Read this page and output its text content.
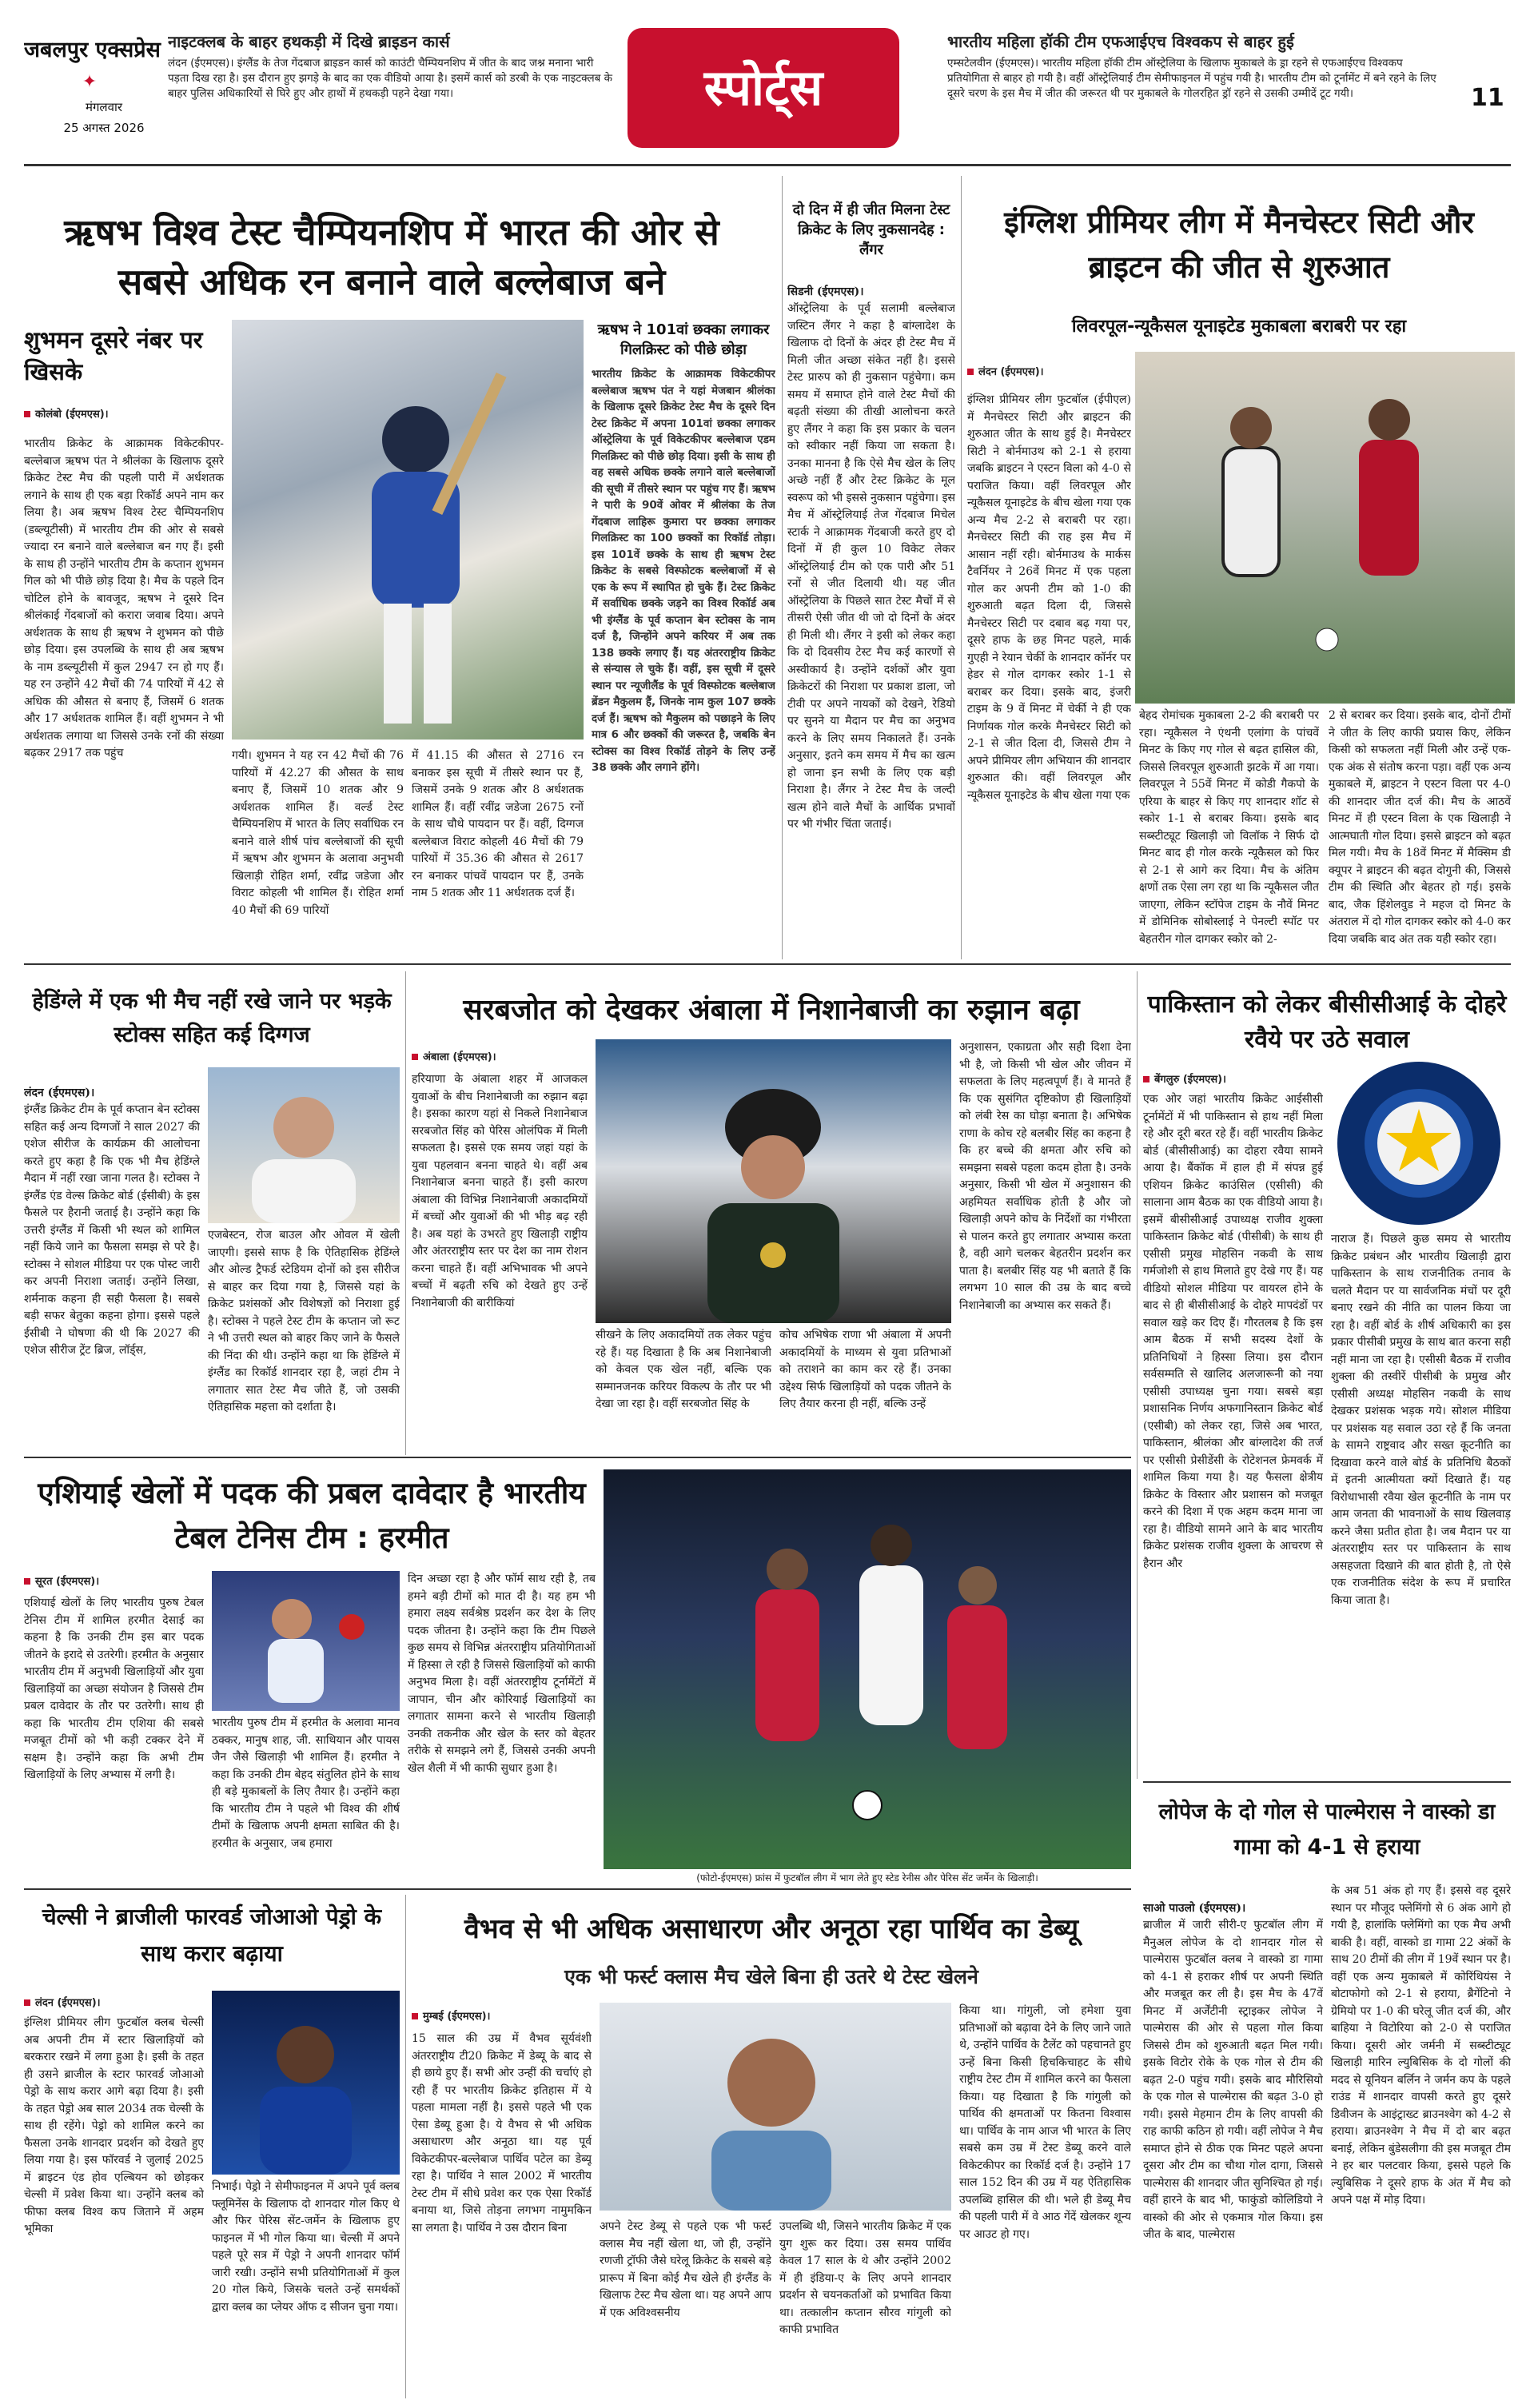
जबलपुर एक्सप्रेस
✦
मंगलवार
25 अगस्त 2026
नाइटक्लब के बाहर हथकड़ी में दिखे ब्राइडन कार्स
लंदन (ईएमएस)। इंग्लैंड के तेज गेंदबाज ब्राइडन कार्स को काउंटी चैम्पियनशिप में जीत के बाद जश्न मनाना भारी पड़ता दिख रहा है। इस दौरान हुए झगड़े के बाद का एक वीडियो आया है। इसमें कार्स को डरबी के एक नाइटक्लब के बाहर पुलिस अधिकारियों से घिरे हुए और हाथों में हथकड़ी पहने देखा गया।	स्पोर्ट्स
भारतीय महिला हॉकी टीम एफआईएच विश्वकप से बाहर हुई
एम्सटेलवीन (ईएमएस)। भारतीय महिला हॉकी टीम ऑस्ट्रेलिया के खिलाफ मुकाबले के ड्रा रहने से एफआईएच विश्वकप प्रतियोगिता से बाहर हो गयी है। वहीं ऑस्ट्रेलियाई टीम सेमीफाइनल में पहुंच गयी है। भारतीय टीम को टूर्नामेंट में बने रहने के लिए दूसरे चरण के इस मैच में जीत की जरूरत थी पर मुकाबले के गोलरहित ड्रॉ रहने से उसकी उम्मीदें टूट गयी।	11
ऋषभ विश्व टेस्ट चैम्पियनशिप में भारत की ओर से सबसे अधिक रन बनाने वाले बल्लेबाज बने
शुभमन दूसरे नंबर पर खिसके
कोलंबो (ईएमएस)।
भारतीय क्रिकेट के आक्रामक विकेटकीपर-बल्लेबाज ऋषभ पंत ने श्रीलंका के खिलाफ दूसरे क्रिकेट टेस्ट मैच की पहली पारी में अर्धशतक लगाने के साथ ही एक बड़ा रिकॉर्ड अपने नाम कर लिया है। अब ऋषभ विश्व टेस्ट चैम्पियनशिप (डब्ल्यूटीसी) में भारतीय टीम की ओर से सबसे ज्यादा रन बनाने वाले बल्लेबाज बन गए हैं। इसी के साथ ही उन्होंने भारतीय टीम के कप्तान शुभमन गिल को भी पीछे छोड़ दिया है। मैच के पहले दिन चोटिल होने के बावजूद, ऋषभ ने दूसरे दिन श्रीलंकाई गेंदबाजों को करारा जवाब दिया। अपने अर्धशतक के साथ ही ऋषभ ने शुभमन को पीछे छोड़ दिया। इस उपलब्धि के साथ ही अब ऋषभ के नाम डब्ल्यूटीसी में कुल 2947 रन हो गए हैं। यह रन उन्होंने 42 मैचों की 74 पारियों में 42 से अधिक की औसत से बनाए हैं, जिसमें 6 शतक और 17 अर्धशतक शामिल हैं। वहीं शुभमन ने भी अर्धशतक लगाया था जिससे उनके रनों की संख्या बढ़कर 2917 तक पहुंच	गयी। शुभमन ने यह रन 42 मैचों की 76 पारियों में 42.27 की औसत के साथ बनाए हैं, जिसमें 10 शतक और 9 अर्धशतक शामिल हैं। वर्ल्ड टेस्ट चैम्पियनशिप में भारत के लिए सर्वाधिक रन बनाने वाले शीर्ष पांच बल्लेबाजों की सूची में ऋषभ और शुभमन के अलावा अनुभवी खिलाड़ी रोहित शर्मा, रवींद्र जडेजा और विराट कोहली भी शामिल हैं। रोहित शर्मा 40 मैचों की 69 पारियों
में 41.15 की औसत से 2716 रन बनाकर इस सूची में तीसरे स्थान पर हैं, जिसमें उनके 9 शतक और 8 अर्धशतक शामिल हैं। वहीं रवींद्र जडेजा 2675 रनों के साथ चौथे पायदान पर हैं। वहीं, दिग्गज बल्लेबाज विराट कोहली 46 मैचों की 79 पारियों में 35.36 की औसत से 2617 रन बनाकर पांचवें पायदान पर हैं, उनके नाम 5 शतक और 11 अर्धशतक दर्ज हैं।
ऋषभ ने 101वां छक्का लगाकर गिलक्रिस्ट को पीछे छोड़ा
भारतीय क्रिकेट के आक्रामक विकेटकीपर बल्लेबाज ऋषभ पंत ने यहां मेजबान श्रीलंका के खिलाफ दूसरे क्रिकेट टेस्ट मैच के दूसरे दिन टेस्ट क्रिकेट में अपना 101वां छक्का लगाकर ऑस्ट्रेलिया के पूर्व विकेटकीपर बल्लेबाज एडम गिलक्रिस्ट को पीछे छोड़ दिया। इसी के साथ ही वह सबसे अधिक छक्के लगाने वाले बल्लेबाजों की सूची में तीसरे स्थान पर पहुंच गए हैं। ऋषभ ने पारी के 90वें ओवर में श्रीलंका के तेज गेंदबाज लाहिरू कुमारा पर छक्का लगाकर गिलक्रिस्ट का 100 छक्कों का रिकॉर्ड तोड़ा। इस 101वें छक्के के साथ ही ऋषभ टेस्ट क्रिकेट के सबसे विस्फोटक बल्लेबाजों में से एक के रूप में स्थापित हो चुके हैं। टेस्ट क्रिकेट में सर्वाधिक छक्के जड़ने का विश्व रिकॉर्ड अब भी इंग्लैंड के पूर्व कप्तान बेन स्टोक्स के नाम दर्ज है, जिन्होंने अपने करियर में अब तक 138 छक्के लगाए हैं। यह अंतरराष्ट्रीय क्रिकेट से संन्यास ले चुके हैं। वहीं, इस सूची में दूसरे स्थान पर न्यूजीलैंड के पूर्व विस्फोटक बल्लेबाज ब्रेंडन मैकुलम हैं, जिनके नाम कुल 107 छक्के दर्ज हैं। ऋषभ को मैकुलम को पछाड़ने के लिए मात्र 6 और छक्कों की जरूरत है, जबकि बेन स्टोक्स का विश्व रिकॉर्ड तोड़ने के लिए उन्हें 38 छक्के और लगाने होंगे।
दो दिन में ही जीत मिलना टेस्ट क्रिकेट के लिए नुकसानदेह : लैंगर

सिडनी (ईएमएस)।
ऑस्ट्रेलिया के पूर्व सलामी बल्लेबाज जस्टिन लैंगर ने कहा है बांग्लादेश के खिलाफ दो दिनों के अंदर ही टेस्ट मैच में मिली जीत अच्छा संकेत नहीं है। इससे टेस्ट प्रारुप को ही नुकसान पहुंचेगा। कम समय में समाप्त होने वाले टेस्ट मैचों की बढ़ती संख्या की तीखी आलोचना करते हुए लैंगर ने कहा कि इस प्रकार के चलन को स्वीकार नहीं किया जा सकता है। उनका मानना है कि ऐसे मैच खेल के लिए अच्छे नहीं हैं और टेस्ट क्रिकेट के मूल स्वरूप को भी इससे नुकसान पहुंचेगा। इस मैच में ऑस्ट्रेलियाई तेज गेंदबाज मिचेल स्टार्क ने आक्रामक गेंदबाजी करते हुए दो दिनों में ही कुल 10 विकेट लेकर ऑस्ट्रेलियाई टीम को एक पारी और 51 रनों से जीत दिलायी थी। यह जीत ऑस्ट्रेलिया के पिछले सात टेस्ट मैचों में से तीसरी ऐसी जीत थी जो दो दिनों के अंदर ही मिली थी। लैंगर ने इसी को लेकर कहा कि दो दिवसीय टेस्ट मैच कई कारणों से अस्वीकार्य है। उन्होंने दर्शकों और युवा क्रिकेटरों की निराशा पर प्रकाश डाला, जो टीवी पर अपने नायकों को देखने, रेडियो पर सुनने या मैदान पर मैच का अनुभव करने के लिए समय निकालते हैं। उनके अनुसार, इतने कम समय में मैच का खत्म हो जाना इन सभी के लिए एक बड़ी निराशा है। लैंगर ने टेस्ट मैच के जल्दी खत्म होने वाले मैचों के आर्थिक प्रभावों पर भी गंभीर चिंता जताई।

इंग्लिश प्रीमियर लीग में मैनचेस्टर सिटी और ब्राइटन की जीत से शुरुआत
लिवरपूल-न्यूकैसल यूनाइटेड मुकाबला बराबरी पर रहा
लंदन (ईएमएस)।
इंग्लिश प्रीमियर लीग फुटबॉल (ईपीएल) में मैनचेस्टर सिटी और ब्राइटन की शुरुआत जीत के साथ हुई है। मैनचेस्टर सिटी ने बोर्नमाउथ को 2-1 से हराया जबकि ब्राइटन ने एस्टन विला को 4-0 से पराजित किया। वहीं लिवरपूल और न्यूकैसल यूनाइटेड के बीच खेला गया एक अन्य मैच 2-2 से बराबरी पर रहा। मैनचेस्टर सिटी की राह इस मैच में आसान नहीं रही। बोर्नमाउथ के मार्कस टैवर्नियर ने 26वें मिनट में एक पहला गोल कर अपनी टीम को 1-0 की शुरुआती बढ़त दिला दी, जिससे मैनचेस्टर सिटी पर दबाव बढ़ गया पर, दूसरे हाफ के छह मिनट पहले, मार्क गुएही ने रेयान चेर्की के शानदार कॉर्नर पर हेडर से गोल दागकर स्कोर 1-1 से बराबर कर दिया। इसके बाद, इंजरी टाइम के 9 वें मिनट में चेर्की ने ही एक निर्णायक गोल करके मैनचेस्टर सिटी को 2-1 से जीत दिला दी, जिससे टीम ने अपने प्रीमियर लीग अभियान की शानदार शुरुआत की। वहीं लिवरपूल और न्यूकैसल यूनाइटेड के बीच खेला गया एक
बेहद रोमांचक मुकाबला 2-2 की बराबरी पर रहा। न्यूकैसल ने एंथनी एलांगा के पांचवें मिनट के किए गए गोल से बढ़त हासिल की, जिससे लिवरपूल शुरुआती झटके में आ गया। लिवरपूल ने 55वें मिनट में कोडी गैकपो के एरिया के बाहर से किए गए शानदार शॉट से स्कोर 1-1 से बराबर किया। इसके बाद सब्स्टीट्यूट खिलाड़ी जो विलॉक ने सिर्फ दो मिनट बाद ही गोल करके न्यूकैसल को फिर से 2-1 से आगे कर दिया। मैच के अंतिम क्षणों तक ऐसा लग रहा था कि न्यूकैसल जीत जाएगा, लेकिन स्टॉपेज टाइम के नौवें मिनट में डोमिनिक सोबोस्लाई ने पेनल्टी स्पॉट पर बेहतरीन गोल दागकर स्कोर को 2-
2 से बराबर कर दिया। इसके बाद, दोनों टीमों ने जीत के लिए काफी प्रयास किए, लेकिन किसी को सफलता नहीं मिली और उन्हें एक-एक अंक से संतोष करना पड़ा। वहीं एक अन्य मुकाबले में, ब्राइटन ने एस्टन विला पर 4-0 की शानदार जीत दर्ज की। मैच के आठवें मिनट में ही एस्टन विला के एक खिलाड़ी ने आत्मघाती गोल दिया। इससे ब्राइटन को बढ़त मिल गयी। मैच के 18वें मिनट में मैक्सिम डी क्यूपर ने ब्राइटन की बढ़त दोगुनी की, जिससे टीम की स्थिति और बेहतर हो गई। इसके बाद, जैक हिंशेलवुड ने महज दो मिनट के अंतराल में दो गोल दागकर स्कोर को 4-0 कर दिया जबकि बाद अंत तक यही स्कोर रहा।
हेडिंग्ले में एक भी मैच नहीं रखे जाने पर भड़के स्टोक्स सहित कई दिग्गज

लंदन (ईएमएस)।
इंग्लैंड क्रिकेट टीम के पूर्व कप्तान बेन स्टोक्स सहित कई अन्य दिग्गजों ने साल 2027 की एशेज सीरीज के कार्यक्रम की आलोचना करते हुए कहा है कि एक भी मैच हेडिंग्ले मैदान में नहीं रखा जाना गलत है। स्टोक्स ने इंग्लैंड एंड वेल्स क्रिकेट बोर्ड (ईसीबी) के इस फैसले पर हैरानी जताई है। उन्होंने कहा कि उत्तरी इंग्लैंड में किसी भी स्थल को शामिल नहीं किये जाने का फैसला समझ से परे है। स्टोक्स ने सोशल मीडिया पर एक पोस्ट जारी कर अपनी निराशा जताई। उन्होंने लिखा, शर्मनाक कहना ही सही फैसला है। सबसे बड़ी सफर बेतुका कहना होगा। इससे पहले ईसीबी ने घोषणा की थी कि 2027 की एशेज सीरीज ट्रेंट ब्रिज, लॉर्ड्स,

एजबेस्टन, रोज बाउल और ओवल में खेली जाएगी। इससे साफ है कि ऐतिहासिक हेडिंग्ले और ओल्ड ट्रैफर्ड स्टेडियम दोनों को इस सीरीज से बाहर कर दिया गया है, जिससे यहां के क्रिकेट प्रशंसकों और विशेषज्ञों को निराशा हुई है। स्टोक्स ने पहले टेस्ट टीम के कप्तान जो रूट ने भी उत्तरी स्थल को बाहर किए जाने के फैसले की निंदा की थी। उन्होंने कहा था कि हेडिंग्ले में इंग्लैंड का रिकॉर्ड शानदार रहा है, जहां टीम ने लगातार सात टेस्ट मैच जीते हैं, जो उसकी ऐतिहासिक महत्ता को दर्शाता है।
सरबजोत को देखकर अंबाला में निशानेबाजी का रुझान बढ़ा
अंबाला (ईएमएस)।
हरियाणा के अंबाला शहर में आजकल युवाओं के बीच निशानेबाजी का रुझान बढ़ा है। इसका कारण यहां से निकले निशानेबाज सरबजोत सिंह को पेरिस ओलंपिक में मिली सफलता है। इससे एक समय जहां यहां के युवा पहलवान बनना चाहते थे। वहीं अब निशानेबाज बनना चाहते हैं। इसी कारण अंबाला की विभिन्न निशानेबाजी अकादमियों में बच्चों और युवाओं की भी भीड़ बढ़ रही है। अब यहां के उभरते हुए खिलाड़ी राष्ट्रीय और अंतरराष्ट्रीय स्तर पर देश का नाम रोशन करना चाहते हैं। वहीं अभिभावक भी अपने बच्चों में बढ़ती रुचि को देखते हुए उन्हें निशानेबाजी की बारीकियां
सीखने के लिए अकादमियों तक लेकर पहुंच रहे हैं। यह दिखाता है कि अब निशानेबाजी को केवल एक खेल नहीं, बल्कि एक सम्मानजनक करियर विकल्प के तौर पर भी देखा जा रहा है। वहीं सरबजोत सिंह के
कोच अभिषेक राणा भी अंबाला में अपनी अकादमियों के माध्यम से युवा प्रतिभाओं को तराशने का काम कर रहे हैं। उनका उद्देश्य सिर्फ खिलाड़ियों को पदक जीतने के लिए तैयार करना ही नहीं, बल्कि उन्हें
अनुशासन, एकाग्रता और सही दिशा देना भी है, जो किसी भी खेल और जीवन में सफलता के लिए महत्वपूर्ण हैं। वे मानते हैं कि एक सुसंगित दृष्टिकोण ही खिलाड़ियों को लंबी रेस का घोड़ा बनाता है। अभिषेक राणा के कोच रहे बलबीर सिंह का कहना है कि हर बच्चे की क्षमता और रुचि को समझना सबसे पहला कदम होता है। उनके अनुसार, किसी भी खेल में अनुशासन की अहमियत सर्वाधिक होती है और जो खिलाड़ी अपने कोच के निर्देशों का गंभीरता से पालन करते हुए लगातार अभ्यास करता है, वही आगे चलकर बेहतरीन प्रदर्शन कर पाता है। बलबीर सिंह यह भी बताते हैं कि लगभग 10 साल की उम्र के बाद बच्चे निशानेबाजी का अभ्यास कर सकते हैं।
पाकिस्तान को लेकर बीसीसीआई के दोहरे रवैये पर उठे सवाल
बेंगलुरु (ईएमएस)।
एक ओर जहां भारतीय क्रिकेट आईसीसी टूर्नामेंटों में भी पाकिस्तान से हाथ नहीं मिला रहे और दूरी बरत रहे हैं। वहीं भारतीय क्रिकेट बोर्ड (बीसीसीआई) का दोहरा रवैया सामने आया है। बैंकॉक में हाल ही में संपन्न हुई एशियन क्रिकेट काउंसिल (एसीसी) की सालाना आम बैठक का एक वीडियो आया है। इसमें बीसीसीआई उपाध्यक्ष राजीव शुक्ला पाकिस्तान क्रिकेट बोर्ड (पीसीबी) के साथ ही एसीसी प्रमुख मोहसिन नकवी के साथ गर्मजोशी से हाथ मिलाते हुए देखे गए हैं। यह वीडियो सोशल मीडिया पर वायरल होने के बाद से ही बीसीसीआई के दोहरे मापदंडों पर सवाल खड़े कर दिए हैं। गौरतलब है कि इस आम बैठक में सभी सदस्य देशों के प्रतिनिधियों ने हिस्सा लिया। इस दौरान सर्वसम्मति से खालिद अलजारूनी को नया एसीसी उपाध्यक्ष चुना गया। सबसे बड़ा प्रशासनिक निर्णय अफगानिस्तान क्रिकेट बोर्ड (एसीबी) को लेकर रहा, जिसे अब भारत, पाकिस्तान, श्रीलंका और बांग्लादेश की तर्ज पर एसीसी प्रेसीडेंसी के रोटेशनल फ्रेमवर्क में शामिल किया गया है। यह फैसला क्षेत्रीय क्रिकेट के विस्तार और प्रशासन को मजबूत करने की दिशा में एक अहम कदम माना जा रहा है। वीडियो सामने आने के बाद भारतीय क्रिकेट प्रशंसक राजीव शुक्ला के आचरण से हैरान और
नाराज हैं। पिछले कुछ समय से भारतीय क्रिकेट प्रबंधन और भारतीय खिलाड़ी द्वारा पाकिस्तान के साथ राजनीतिक तनाव के चलते मैदान पर या सार्वजनिक मंचों पर दूरी बनाए रखने की नीति का पालन किया जा रहा है। वहीं बोर्ड के शीर्ष अधिकारी का इस प्रकार पीसीबी प्रमुख के साथ बात करना सही नहीं माना जा रहा है। एसीसी बैठक में राजीव शुक्ला की तस्वीरें पीसीबी के प्रमुख और एसीसी अध्यक्ष मोहसिन नकवी के साथ देखकर प्रशंसक भड़क गये। सोशल मीडिया पर प्रशंसक यह सवाल उठा रहे हैं कि जनता के सामने राष्ट्रवाद और सख्त कूटनीति का दिखावा करने वाले बोर्ड के प्रतिनिधि बैठकों में इतनी आत्मीयता क्यों दिखाते हैं। यह विरोधाभासी रवैया खेल कूटनीति के नाम पर आम जनता की भावनाओं के साथ खिलवाड़ करने जैसा प्रतीत होता है। जब मैदान पर या अंतरराष्ट्रीय स्तर पर पाकिस्तान के साथ असहजता दिखाने की बात होती है, तो ऐसे एक राजनीतिक संदेश के रूप में प्रचारित किया जाता है।
एशियाई खेलों में पदक की प्रबल दावेदार है भारतीय टेबल टेनिस टीम : हरमीत
सूरत (ईएमएस)।
एशियाई खेलों के लिए भारतीय पुरुष टेबल टेनिस टीम में शामिल हरमीत देसाई का कहना है कि उनकी टीम इस बार पदक जीतने के इरादे से उतरेगी। हरमीत के अनुसार भारतीय टीम में अनुभवी खिलाड़ियों और युवा खिलाड़ियों का अच्छा संयोजन है जिससे टीम प्रबल दावेदार के तौर पर उतरेगी। साथ ही कहा कि भारतीय टीम एशिया की सबसे मजबूत टीमों को भी कड़ी टक्कर देने में सक्षम है। उन्होंने कहा कि अभी टीम खिलाड़ियों के लिए अभ्यास में लगी है।
भारतीय पुरुष टीम में हरमीत के अलावा मानव ठक्कर, मानुष शाह, जी. साथियान और पायस जैन जैसे खिलाड़ी भी शामिल हैं। हरमीत ने कहा कि उनकी टीम बेहद संतुलित होने के साथ ही बड़े मुकाबलों के लिए तैयार है। उन्होंने कहा कि भारतीय टीम ने पहले भी विश्व की शीर्ष टीमों के खिलाफ अपनी क्षमता साबित की है। हरमीत के अनुसार, जब हमारा
दिन अच्छा रहा है और फॉर्म साथ रही है, तब हमने बड़ी टीमों को मात दी है। यह हम भी हमारा लक्ष्य सर्वश्रेष्ठ प्रदर्शन कर देश के लिए पदक जीतना है। उन्होंने कहा कि टीम पिछले कुछ समय से विभिन्न अंतरराष्ट्रीय प्रतियोगिताओं में हिस्सा ले रही है जिससे खिलाड़ियों को काफी अनुभव मिला है। वहीं अंतरराष्ट्रीय टूर्नामेंटों में जापान, चीन और कोरियाई खिलाड़ियों का लगातार सामना करने से भारतीय खिलाड़ी उनकी तकनीक और खेल के स्तर को बेहतर तरीके से समझने लगे हैं, जिससे उनकी अपनी खेल शैली में भी काफी सुधार हुआ है।
(फोटो-ईएमएस) फ्रांस में फुटबॉल लीग में भाग लेते हुए स्टेड रेनीस और पेरिस सेंट जर्मेन के खिलाड़ी।
चेल्सी ने ब्राजीली फारवर्ड जोआओ पेड्रो के साथ करार बढ़ाया
लंदन (ईएमएस)।
इंग्लिश प्रीमियर लीग फुटबॉल क्लब चेल्सी अब अपनी टीम में स्टार खिलाड़ियों को बरकरार रखने में लगा हुआ है। इसी के तहत ही उसने ब्राजील के स्टार फारवर्ड जोआओ पेड्रो के साथ करार आगे बढ़ा दिया है। इसी के तहत पेड्रो अब साल 2034 तक चेल्सी के साथ ही रहेंगे। पेड्रो को शामिल करने का फैसला उनके शानदार प्रदर्शन को देखते हुए लिया गया है। इस फॉरवर्ड ने जुलाई 2025 में ब्राइटन एंड होव एल्बियन को छोड़कर चेल्सी में प्रवेश किया था। उन्होंने क्लब को फीफा क्लब विश्व कप जिताने में अहम भूमिका
निभाई। पेड्रो ने सेमीफाइनल में अपने पूर्व क्लब फ्लूमिनेंस के खिलाफ दो शानदार गोल किए थे और फिर पेरिस सेंट-जर्मेन के खिलाफ हुए फाइनल में भी गोल किया था। चेल्सी में अपने पहले पूरे सत्र में पेड्रो ने अपनी शानदार फॉर्म जारी रखी। उन्होंने सभी प्रतियोगिताओं में कुल 20 गोल किये, जिसके चलते उन्हें समर्थकों द्वारा क्लब का प्लेयर ऑफ द सीजन चुना गया।
वैभव से भी अधिक असाधारण और अनूठा रहा पार्थिव का डेब्यू
एक भी फर्स्ट क्लास मैच खेले बिना ही उतरे थे टेस्ट खेलने
मुम्बई (ईएमएस)।
15 साल की उम्र में वैभव सूर्यवंशी अंतरराष्ट्रीय टी20 क्रिकेट में डेब्यू के बाद से ही छाये हुए हैं। सभी ओर उन्हीं की चर्चाएं हो रही हैं पर भारतीय क्रिकेट इतिहास में ये पहला मामला नहीं है। इससे पहले भी एक ऐसा डेब्यू हुआ है। ये वैभव से भी अधिक असाधारण और अनूठा था। यह पूर्व विकेटकीपर-बल्लेबाज पार्थिव पटेल का डेब्यू रहा है। पार्थिव ने साल 2002 में भारतीय टेस्ट टीम में सीधे प्रवेश कर एक ऐसा रिकॉर्ड बनाया था, जिसे तोड़ना लगभग नामुमकिन सा लगता है। पार्थिव ने उस दौरान बिना	अपने टेस्ट डेब्यू से पहले एक भी फर्स्ट क्लास मैच नहीं खेला था, जो ही, उन्होंने रणजी ट्रॉफी जैसे घरेलू क्रिकेट के सबसे बड़े प्रारूप में बिना कोई मैच खेले ही इंग्लैंड के खिलाफ टेस्ट मैच खेला था। यह अपने आप में एक अविश्वसनीय
उपलब्धि थी, जिसने भारतीय क्रिकेट में एक युग शुरू कर दिया। उस समय पार्थिव केवल 17 साल के थे और उन्होंने 2002 में ही इंडिया-ए के लिए अपने शानदार प्रदर्शन से चयनकर्ताओं को प्रभावित किया था। तत्कालीन कप्तान सौरव गांगुली को काफी प्रभावित
किया था। गांगुली, जो हमेशा युवा प्रतिभाओं को बढ़ावा देने के लिए जाने जाते थे, उन्होंने पार्थिव के टैलेंट को पहचानते हुए उन्हें बिना किसी हिचकिचाहट के सीधे राष्ट्रीय टेस्ट टीम में शामिल करने का फैसला किया। यह दिखाता है कि गांगुली को पार्थिव की क्षमताओं पर कितना विश्वास था। पार्थिव के नाम आज भी भारत के लिए सबसे कम उम्र में टेस्ट डेब्यू करने वाले विकेटकीपर का रिकॉर्ड दर्ज है। उन्होंने 17 साल 152 दिन की उम्र में यह ऐतिहासिक उपलब्धि हासिल की थी। भले ही डेब्यू मैच की पहली पारी में वे आठ गेंदें खेलकर शून्य पर आउट हो गए।
लोपेज के दो गोल से पाल्मेरास ने वास्को डा गामा को 4-1 से हराया

साओ पाउलो (ईएमएस)।
ब्राजील में जारी सीरी-ए फुटबॉल लीग में मैनुअल लोपेज के दो शानदार गोल से पाल्मेरास फुटबॉल क्लब ने वास्को डा गामा को 4-1 से हराकर शीर्ष पर अपनी स्थिति और मजबूत कर ली है। इस मैच के 47वें मिनट में अर्जेंटीनी स्ट्राइकर लोपेज ने पाल्मेरास की ओर से पहला गोल किया जिससे टीम को शुरुआती बढ़त मिल गयी। इसके विटोर रोके के एक गोल से टीम की बढ़त 2-0 पहुंच गयी। इसके बाद मौरिसियो के एक गोल से पाल्मेरास की बढ़त 3-0 हो गयी। इससे मेहमान टीम के लिए वापसी की राह काफी कठिन हो गयी। वहीं लोपेज ने मैच समाप्त होने से ठीक एक मिनट पहले अपना दूसरा और टीम का चौथा गोल दागा, जिससे पाल्मेरास की शानदार जीत सुनिश्चित हो गई। वहीं हारने के बाद भी, फाकुंडो कोलिडियो ने वास्को की ओर से एकमात्र गोल किया। इस जीत के बाद, पाल्मेरास

के अब 51 अंक हो गए हैं। इससे वह दूसरे स्थान पर मौजूद फ्लेमिंगो से 6 अंक आगे हो गयी है, हालांकि फ्लेमिंगो का एक मैच अभी बाकी है। वहीं, वास्को डा गामा 22 अंकों के साथ 20 टीमों की लीग में 19वें स्थान पर है। वहीं एक अन्य मुकाबले में कोरिंथियंस ने बोटाफोगो को 2-1 से हराया, ब्रैगेंटिनो ने ग्रेमियो पर 1-0 की घरेलू जीत दर्ज की, और बाहिया ने विटोरिया को 2-0 से पराजित किया। दूसरी ओर जर्मनी में सब्स्टीट्यूट खिलाड़ी मारिन ल्युबिसिक के दो गोलों की मदद से यूनियन बर्लिन ने जर्मन कप के पहले राउंड में शानदार वापसी करते हुए दूसरे डिवीजन के आइंट्राख्ट ब्राउनश्वेग को 4-2 से हराया। ब्राउनश्वेग ने मैच में दो बार बढ़त बनाई, लेकिन बुंडेसलीगा की इस मजबूत टीम ने हर बार पलटवार किया, इससे पहले कि ल्युबिसिक ने दूसरे हाफ के अंत में मैच को अपने पक्ष में मोड़ दिया।
